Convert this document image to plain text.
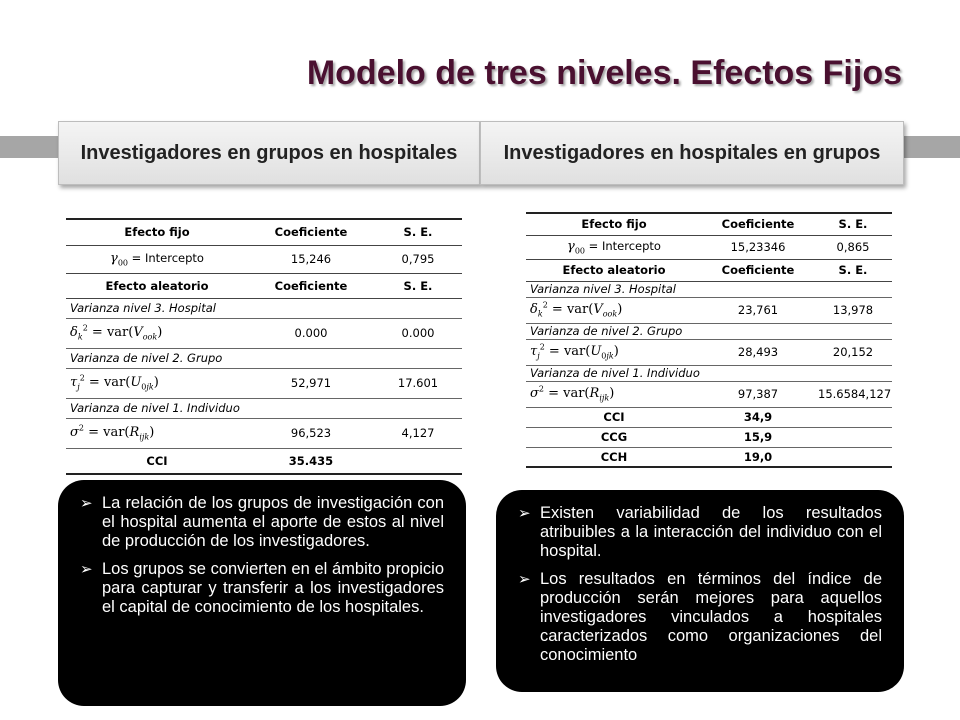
Modelo de tres niveles. Efectos Fijos
Investigadores en grupos en hospitales	Investigadores en hospitales en grupos
Efecto fijo	Coeficiente	S. E.
$\gamma_{00}$ = Intercepto	15,246	0,795
Efecto aleatorio	Coeficiente	S. E.
Varianza nivel 3. Hospital		
$\delta_k^2 = var(V_{ook})$	0.000	0.000
Varianza de nivel 2. Grupo		
$\tau_j^2 = var(U_{0jk})$	52,971	17.601
Varianza de nivel 1. Individuo		
$\sigma^2 = var(R_{ijk})$	96,523	4,127
CCI	35.435	
Efecto fijo	Coeficiente	S. E.
$\gamma_{00}$ = Intercepto	15,23346	0,865
Efecto aleatorio	Coeficiente	S. E.
Varianza nivel 3. Hospital		
$\delta_k^2 = var(V_{ook})$	23,761	13,978
Varianza de nivel 2. Grupo		
$\tau_j^2 = var(U_{0jk})$	28,493	20,152
Varianza de nivel 1. Individuo		
$\sigma^2 = var(R_{ijk})$	97,387	15.6584,127
CCI	34,9	
CCG	15,9	
CCH	19,0	
➢ La relación de los grupos de investigación con el hospital aumenta el aporte de estos al nivel de producción de los investigadores.
➢ Los grupos se convierten en el ámbito propicio para capturar y transferir a los investigadores el capital de conocimiento de los hospitales.
➢ Existen variabilidad de los resultados atribuibles a la interacción del individuo con el hospital.
➢ Los resultados en términos del índice de producción serán mejores para aquellos investigadores vinculados a hospitales caracterizados como organizaciones del conocimiento
